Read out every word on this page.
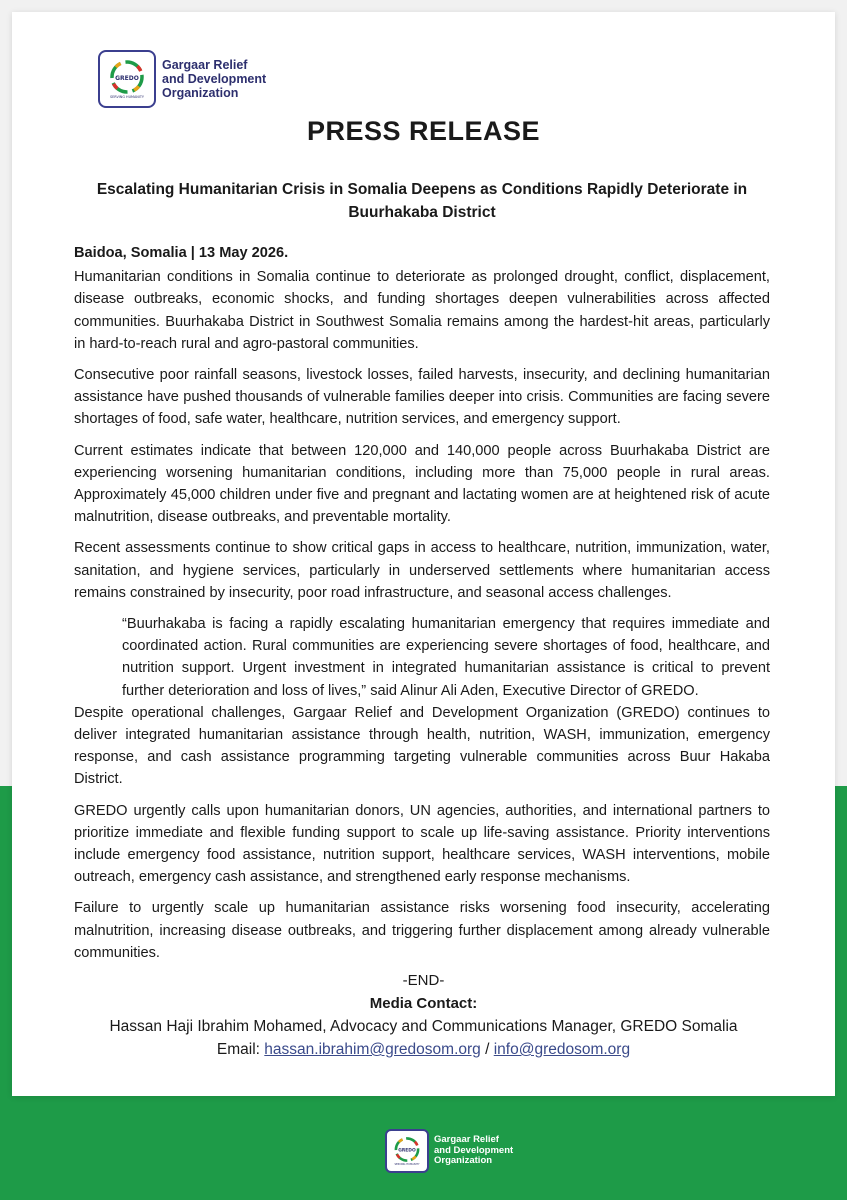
GREDO
SERVING HUMANITY
Gargaar Relief
and Development
Organization
PRESS RELEASE
Escalating Humanitarian Crisis in Somalia Deepens as Conditions Rapidly Deteriorate in Buurhakaba District

Baidoa, Somalia | 13 May 2026.

Humanitarian conditions in Somalia continue to deteriorate as prolonged drought, conflict, displacement, disease outbreaks, economic shocks, and funding shortages deepen vulnerabilities across affected communities. Buurhakaba District in Southwest Somalia remains among the hardest-hit areas, particularly in hard-to-reach rural and agro-pastoral communities.

Consecutive poor rainfall seasons, livestock losses, failed harvests, insecurity, and declining humanitarian assistance have pushed thousands of vulnerable families deeper into crisis. Communities are facing severe shortages of food, safe water, healthcare, nutrition services, and emergency support.

Current estimates indicate that between 120,000 and 140,000 people across Buurhakaba District are experiencing worsening humanitarian conditions, including more than 75,000 people in rural areas. Approximately 45,000 children under five and pregnant and lactating women are at heightened risk of acute malnutrition, disease outbreaks, and preventable mortality.

Recent assessments continue to show critical gaps in access to healthcare, nutrition, immunization, water, sanitation, and hygiene services, particularly in underserved settlements where humanitarian access remains constrained by insecurity, poor road infrastructure, and seasonal access challenges.

“Buurhakaba is facing a rapidly escalating humanitarian emergency that requires immediate and coordinated action. Rural communities are experiencing severe shortages of food, healthcare, and nutrition support. Urgent investment in integrated humanitarian assistance is critical to prevent further deterioration and loss of lives,” said Alinur Ali Aden, Executive Director of GREDO.

Despite operational challenges, Gargaar Relief and Development Organization (GREDO) continues to deliver integrated humanitarian assistance through health, nutrition, WASH, immunization, emergency response, and cash assistance programming targeting vulnerable communities across Buur Hakaba District.

GREDO urgently calls upon humanitarian donors, UN agencies, authorities, and international partners to prioritize immediate and flexible funding support to scale up life-saving assistance. Priority interventions include emergency food assistance, nutrition support, healthcare services, WASH interventions, mobile outreach, emergency cash assistance, and strengthened early response mechanisms.

Failure to urgently scale up humanitarian assistance risks worsening food insecurity, accelerating malnutrition, increasing disease outbreaks, and triggering further displacement among already vulnerable communities.

-END-
Media Contact:
Hassan Haji Ibrahim Mohamed, Advocacy and Communications Manager, GREDO Somalia
Email: hassan.ibrahim@gredosom.org / info@gredosom.org
GREDO
SERVING HUMANITY
Gargaar Relief
and Development
Organization
